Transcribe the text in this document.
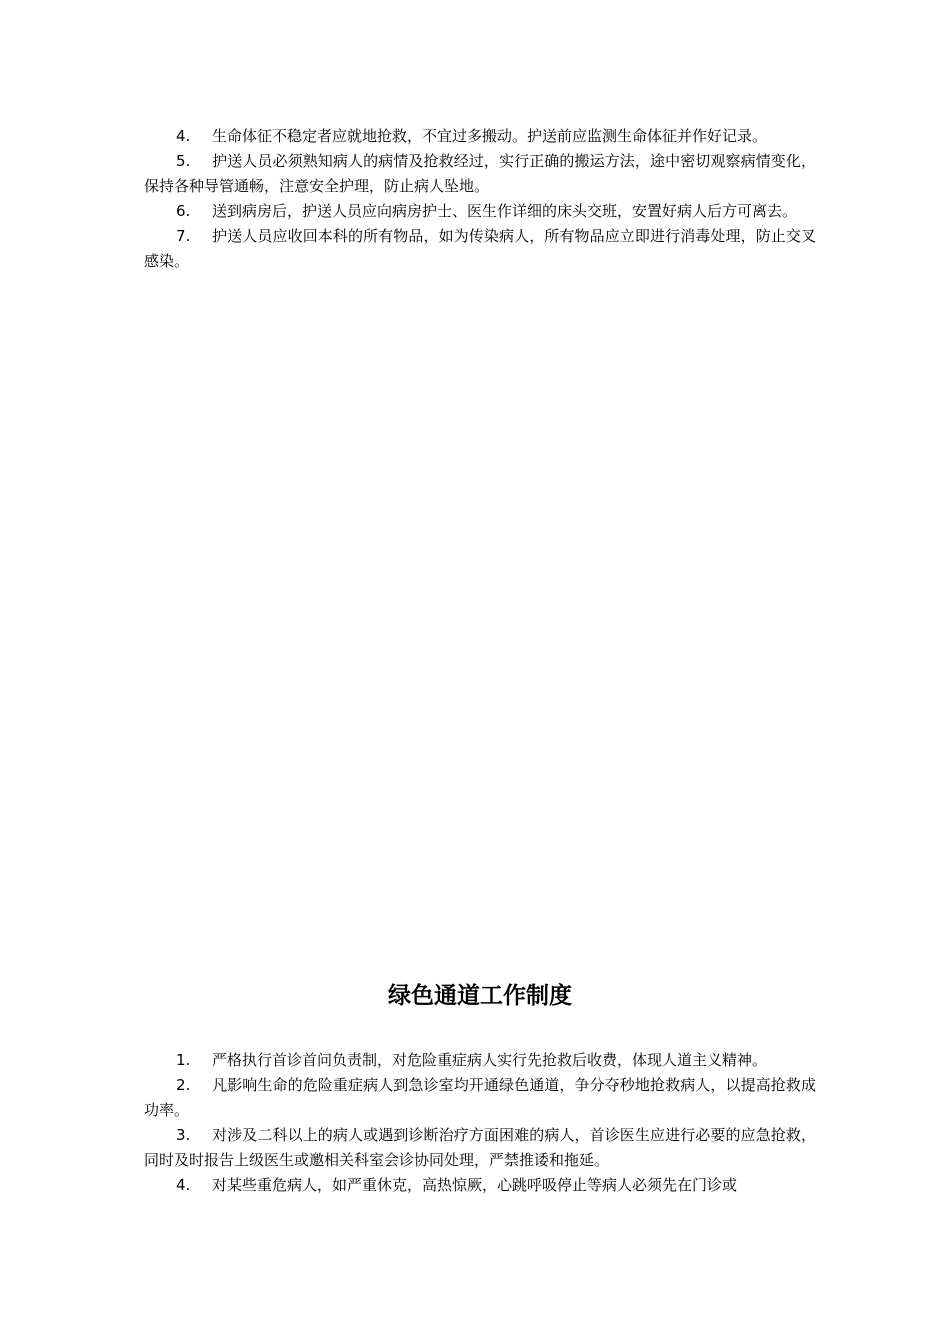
4. 生命体征不稳定者应就地抢救，不宜过多搬动。护送前应监测生命体征并作好记录。

5. 护送人员必须熟知病人的病情及抢救经过，实行正确的搬运方法，途中密切观察病情变化，保持各种导管通畅，注意安全护理，防止病人坠地。

6. 送到病房后，护送人员应向病房护士、医生作详细的床头交班，安置好病人后方可离去。

7. 护送人员应收回本科的所有物品，如为传染病人，所有物品应立即进行消毒处理，防止交叉感染。

绿色通道工作制度

1. 严格执行首诊首问负责制，对危险重症病人实行先抢救后收费，体现人道主义精神。

2. 凡影响生命的危险重症病人到急诊室均开通绿色通道，争分夺秒地抢救病人，以提高抢救成功率。

3. 对涉及二科以上的病人或遇到诊断治疗方面困难的病人，首诊医生应进行必要的应急抢救，同时及时报告上级医生或邀相关科室会诊协同处理，严禁推诿和拖延。

4. 对某些重危病人，如严重休克，高热惊厥，心跳呼吸停止等病人必须先在门诊或
